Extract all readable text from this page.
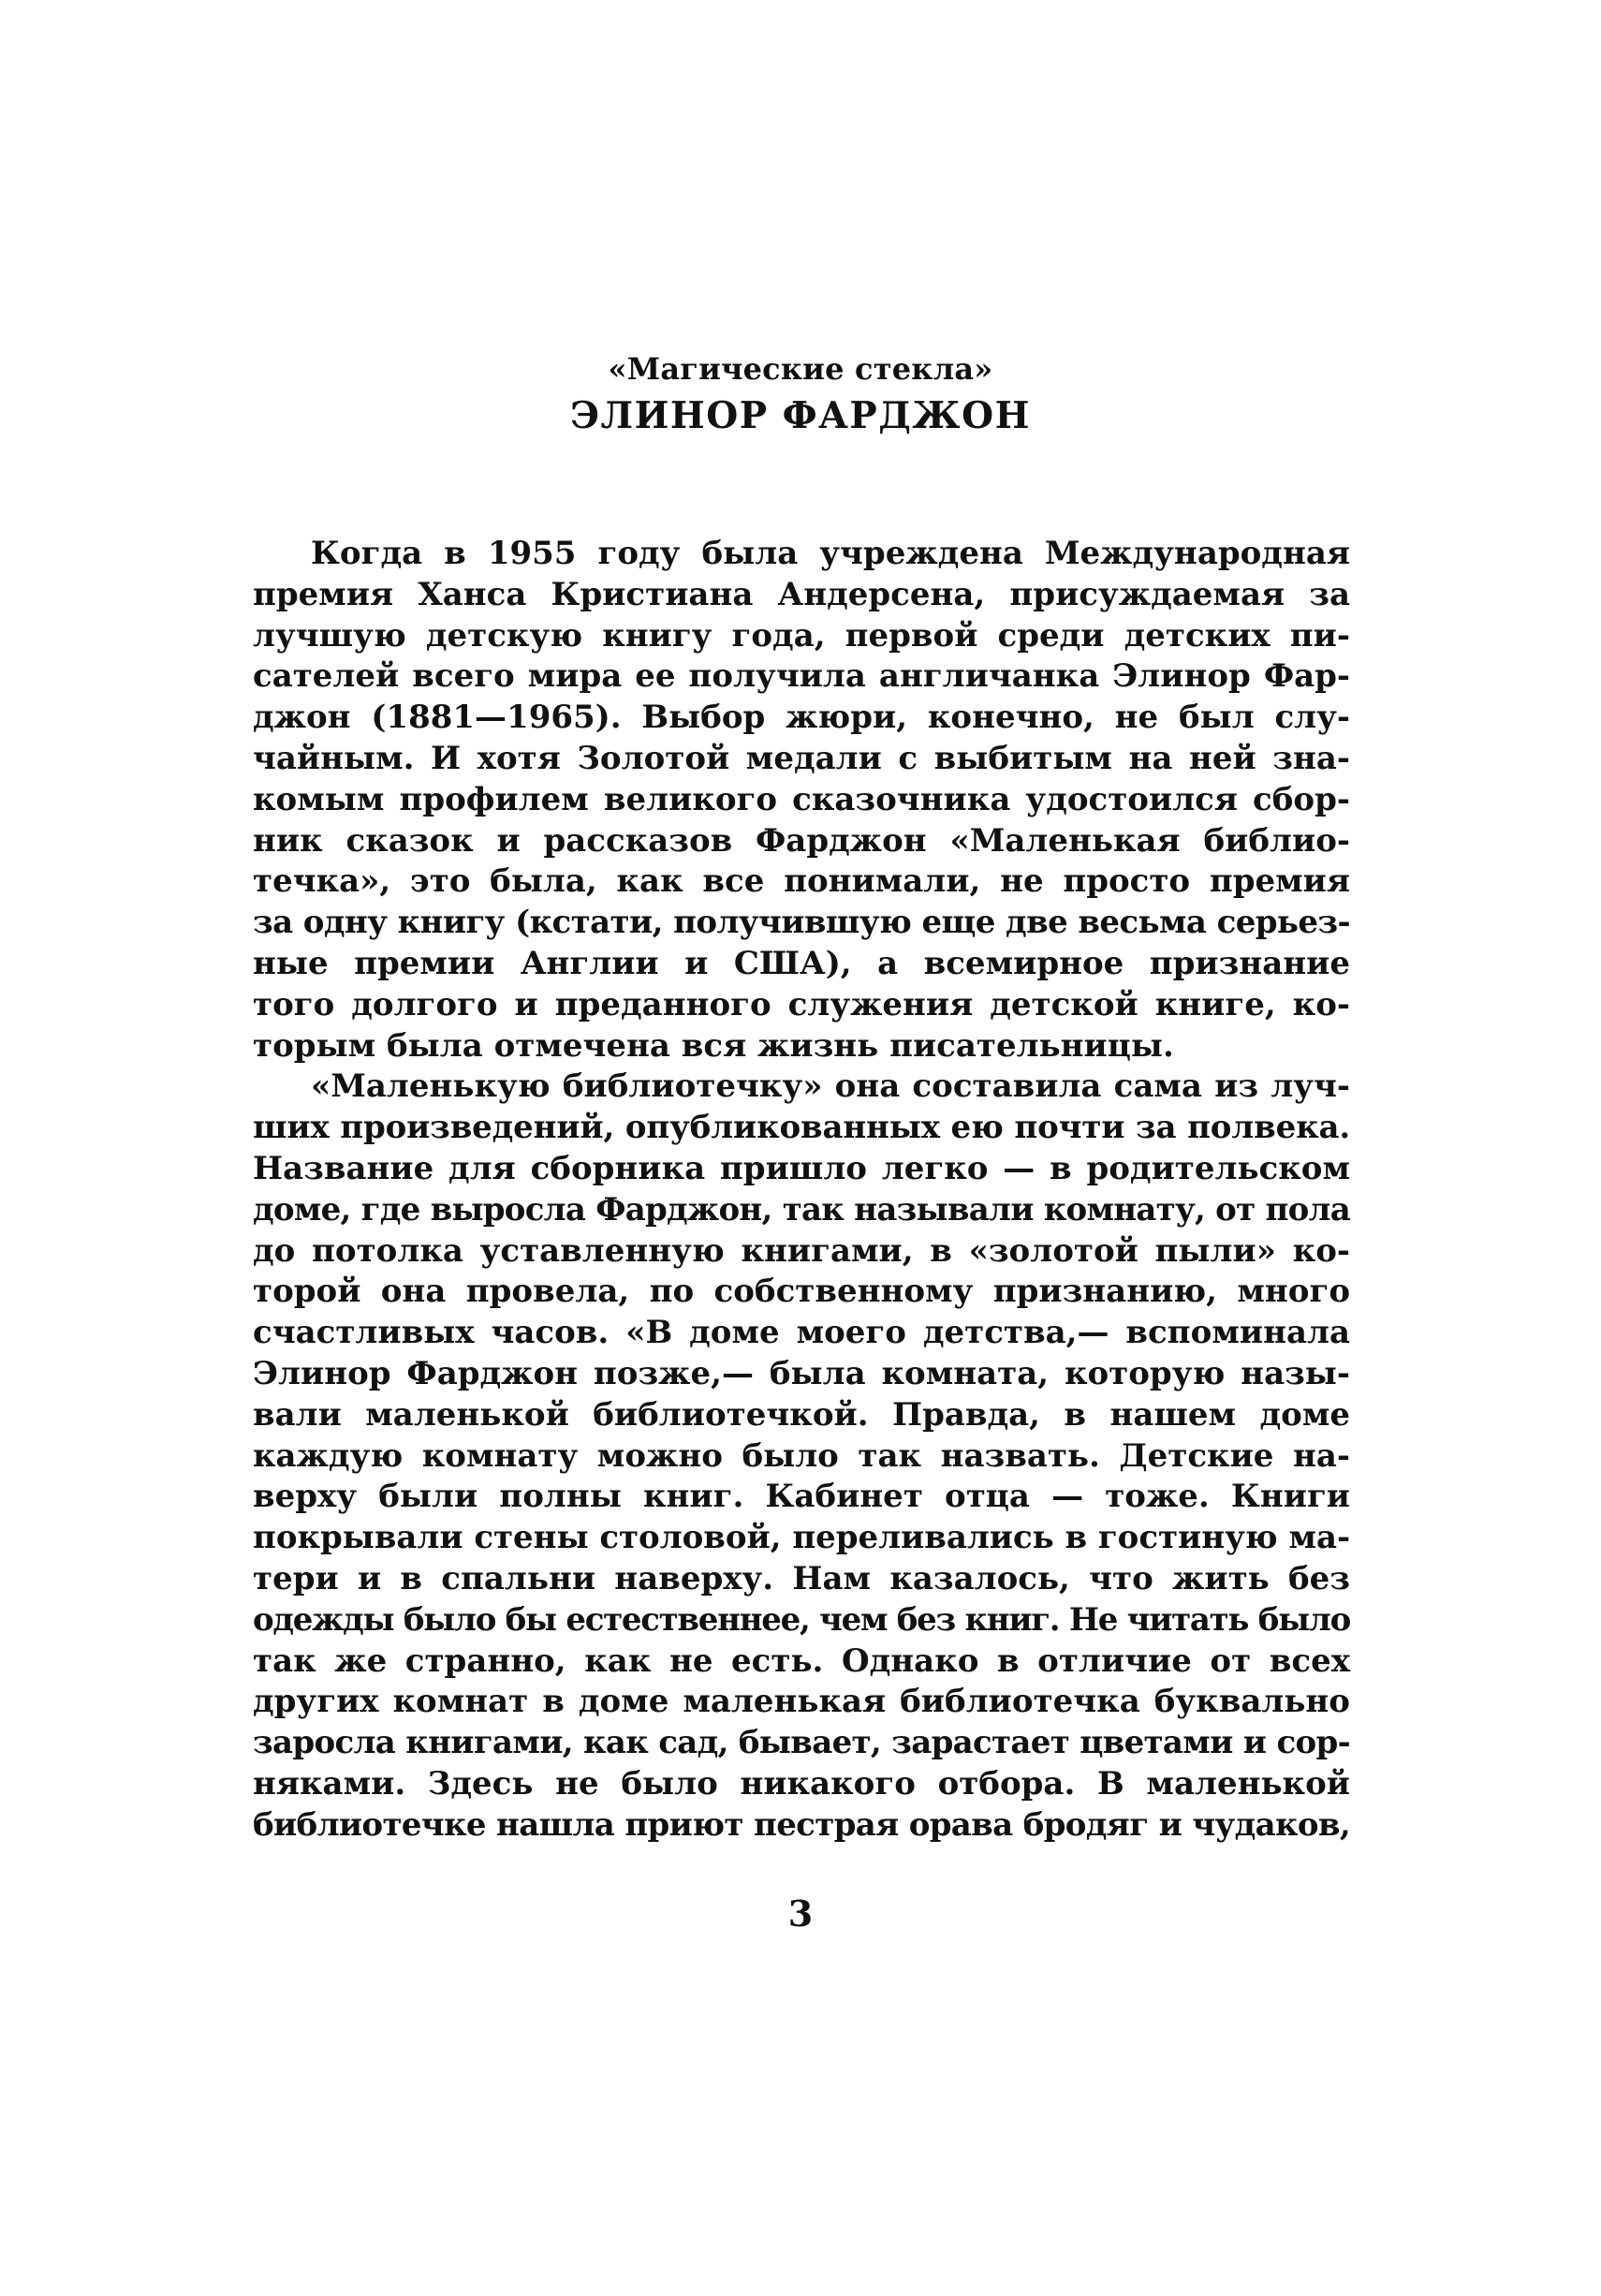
«Магические стекла»

ЭЛИНОР ФАРДЖОН

Когда в 1955 году была учреждена Международная
премия Ханса Кристиана Андерсена, присуждаемая за
лучшую детскую книгу года, первой среди детских пи-
сателей всего мира ее получила англичанка Элинор Фар-
джон (1881—1965). Выбор жюри, конечно, не был слу-
чайным. И хотя Золотой медали с выбитым на ней зна-
комым профилем великого сказочника удостоился сбор-
ник сказок и рассказов Фарджон «Маленькая библио-
течка», это была, как все понимали, не просто премия
за одну книгу (кстати, получившую еще две весьма серьез-
ные премии Англии и США), а всемирное признание
того долгого и преданного служения детской книге, ко-
торым была отмечена вся жизнь писательницы.
«Маленькую библиотечку» она составила сама из луч-
ших произведений, опубликованных ею почти за полвека.
Название для сборника пришло легко — в родительском
доме, где выросла Фарджон, так называли комнату, от пола
до потолка уставленную книгами, в «золотой пыли» ко-
торой она провела, по собственному признанию, много
счастливых часов. «В доме моего детства,— вспоминала
Элинор Фарджон позже,— была комната, которую назы-
вали маленькой библиотечкой. Правда, в нашем доме
каждую комнату можно было так назвать. Детские на-
верху были полны книг. Кабинет отца — тоже. Книги
покрывали стены столовой, переливались в гостиную ма-
тери и в спальни наверху. Нам казалось, что жить без
одежды было бы естественнее, чем без книг. Не читать было
так же странно, как не есть. Однако в отличие от всех
других комнат в доме маленькая библиотечка буквально
заросла книгами, как сад, бывает, зарастает цветами и сор-
няками. Здесь не было никакого отбора. В маленькой
библиотечке нашла приют пестрая орава бродяг и чудаков,
3
